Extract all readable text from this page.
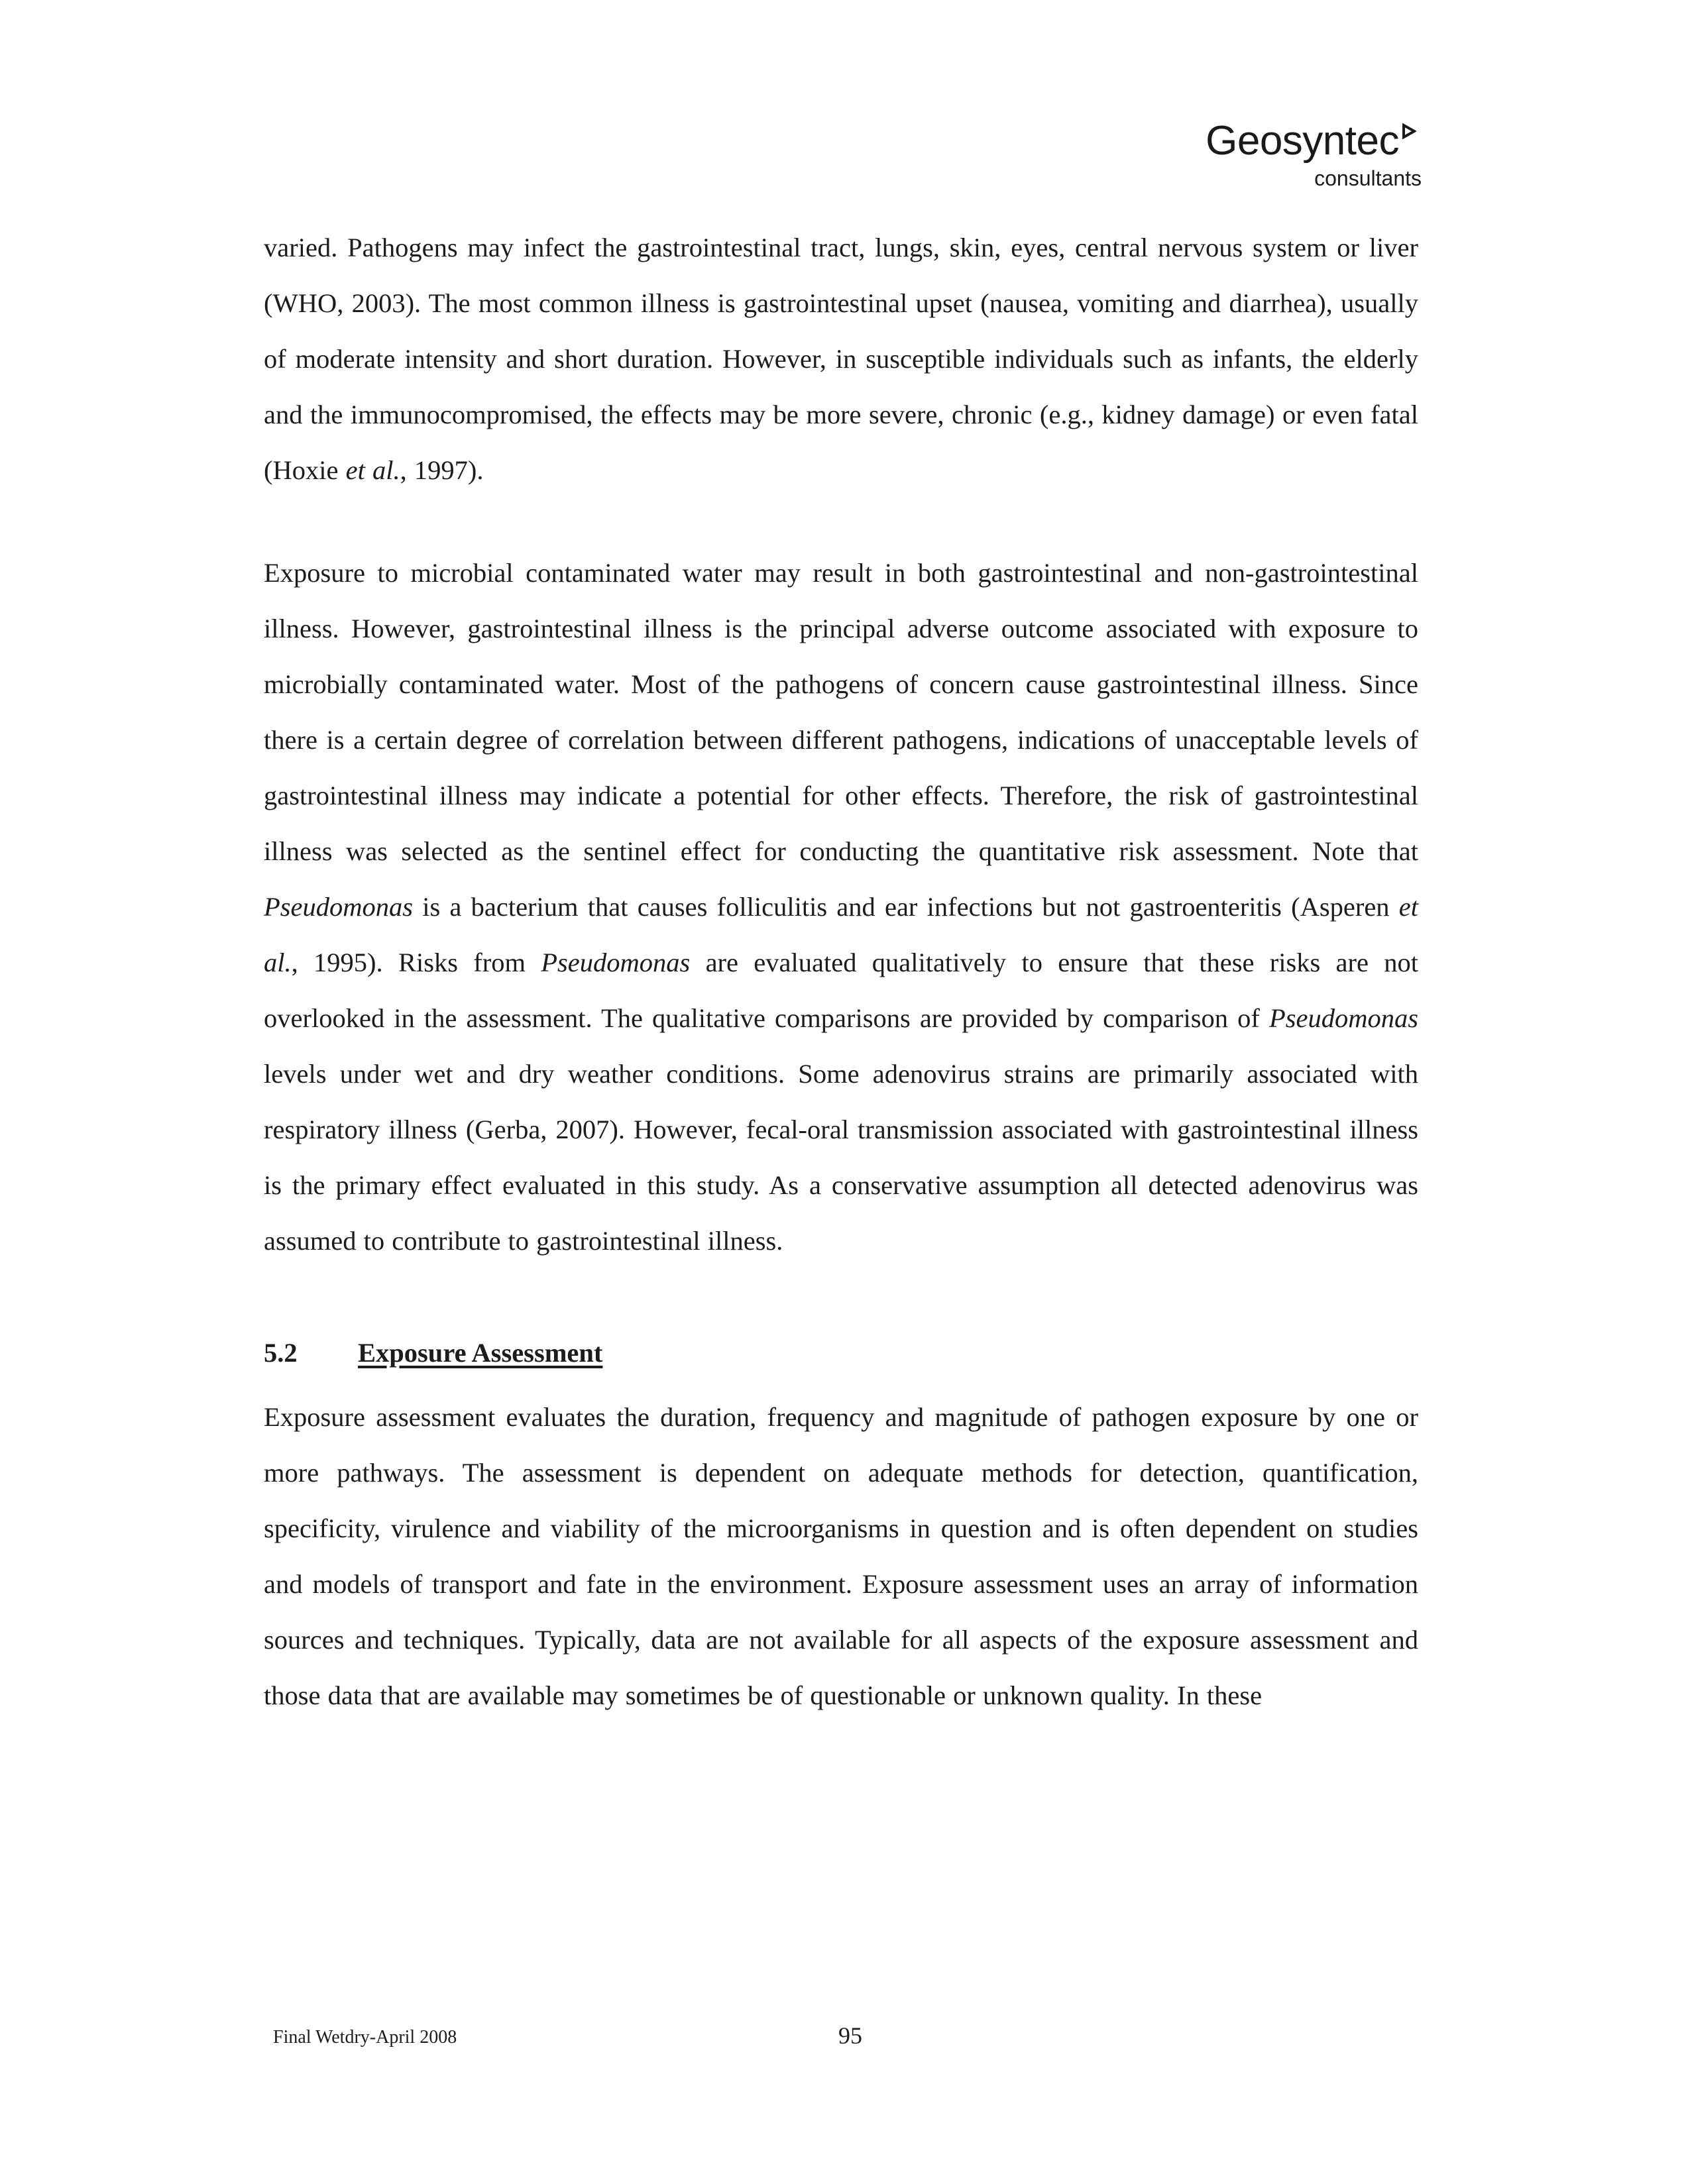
Geosyntec
consultants

varied. Pathogens may infect the gastrointestinal tract, lungs, skin, eyes, central nervous system or liver (WHO, 2003). The most common illness is gastrointestinal upset (nausea, vomiting and diarrhea), usually of moderate intensity and short duration. However, in susceptible individuals such as infants, the elderly and the immunocompromised, the effects may be more severe, chronic (e.g., kidney damage) or even fatal (Hoxie et al., 1997).

Exposure to microbial contaminated water may result in both gastrointestinal and non-gastrointestinal illness. However, gastrointestinal illness is the principal adverse outcome associated with exposure to microbially contaminated water. Most of the pathogens of concern cause gastrointestinal illness. Since there is a certain degree of correlation between different pathogens, indications of unacceptable levels of gastrointestinal illness may indicate a potential for other effects. Therefore, the risk of gastrointestinal illness was selected as the sentinel effect for conducting the quantitative risk assessment. Note that Pseudomonas is a bacterium that causes folliculitis and ear infections but not gastroenteritis (Asperen et al., 1995). Risks from Pseudomonas are evaluated qualitatively to ensure that these risks are not overlooked in the assessment. The qualitative comparisons are provided by comparison of Pseudomonas levels under wet and dry weather conditions. Some adenovirus strains are primarily associated with respiratory illness (Gerba, 2007). However, fecal-oral transmission associated with gastrointestinal illness is the primary effect evaluated in this study. As a conservative assumption all detected adenovirus was assumed to contribute to gastrointestinal illness.

5.2 Exposure Assessment

Exposure assessment evaluates the duration, frequency and magnitude of pathogen exposure by one or more pathways. The assessment is dependent on adequate methods for detection, quantification, specificity, virulence and viability of the microorganisms in question and is often dependent on studies and models of transport and fate in the environment. Exposure assessment uses an array of information sources and techniques. Typically, data are not available for all aspects of the exposure assessment and those data that are available may sometimes be of questionable or unknown quality. In these

Final Wetdry-April 2008	95
